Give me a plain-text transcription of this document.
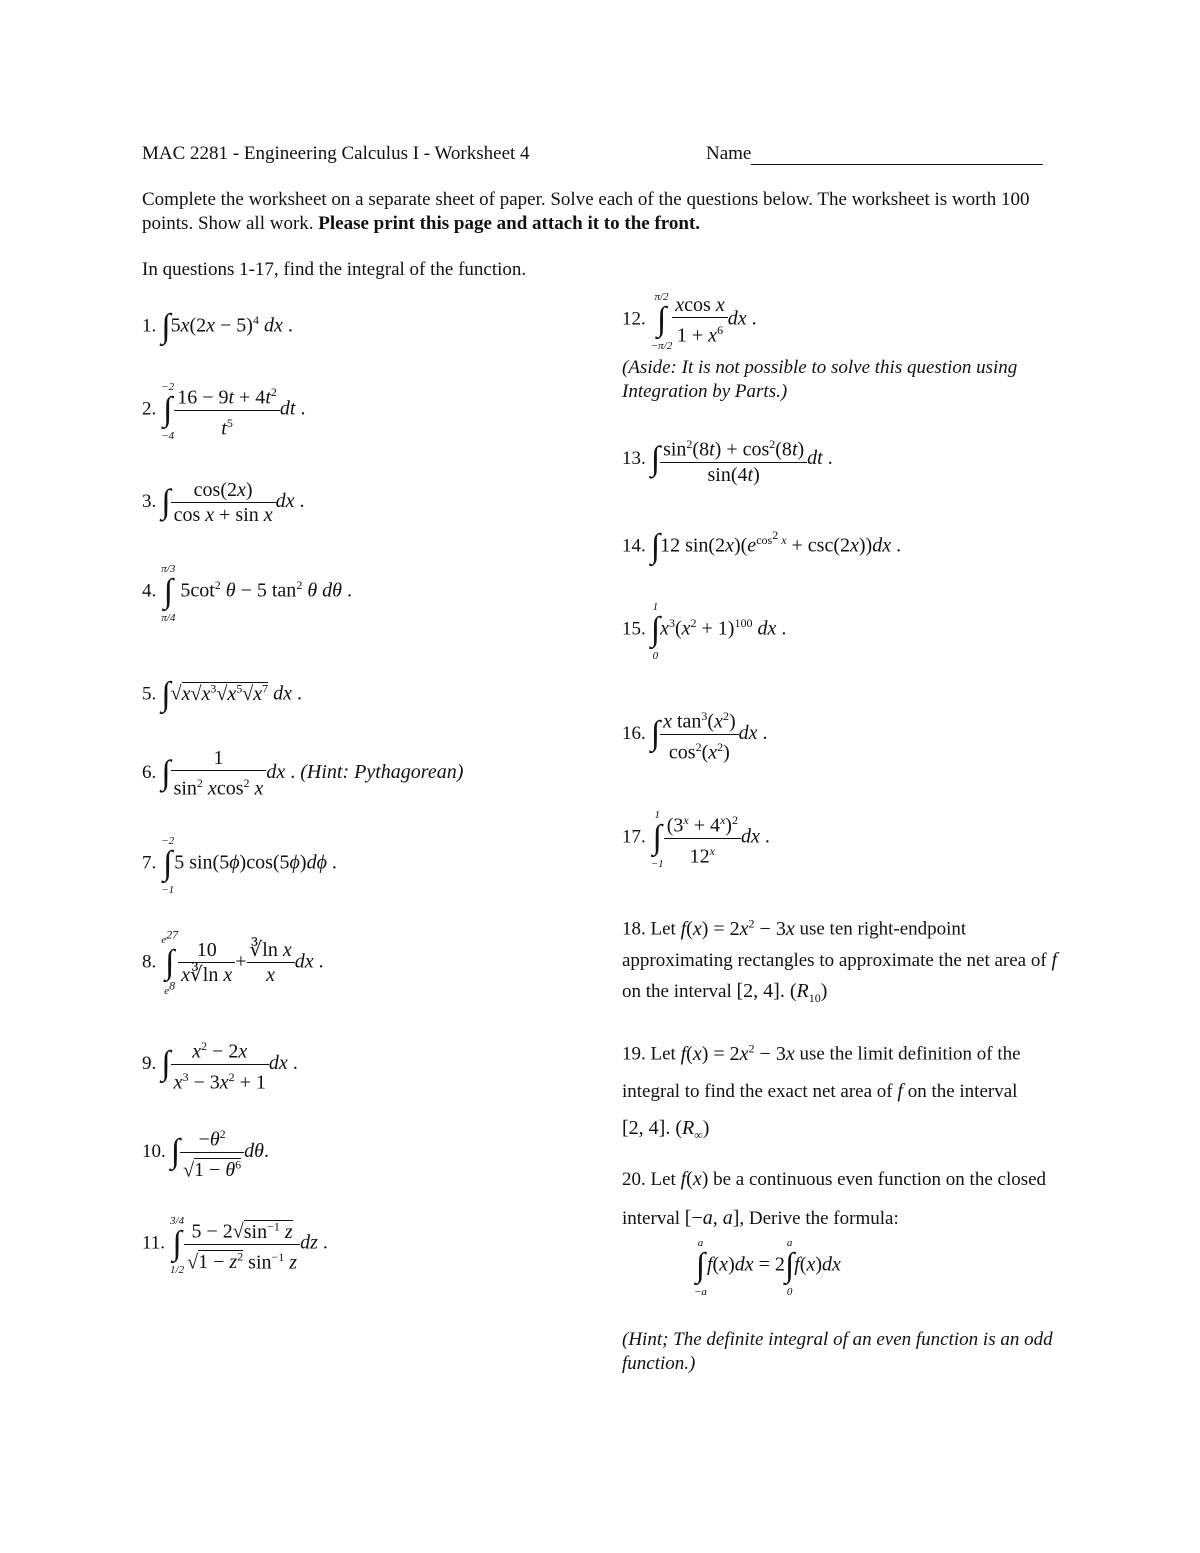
MAC 2281 - Engineering Calculus I - Worksheet 4	Name
Complete the worksheet on a separate sheet of paper. Solve each of the questions below. The worksheet is worth 100 points. Show all work. Please print this page and attach it to the front.
In questions 1-17, find the integral of the function.
1. $\int 5x(2x - 5)^4$ dx .
2. −2
∫
$-4 \frac{16 - 9t + 4t^2}{t^5}$ dt .
3. ∫ $\frac{\cos(2x)}{\text{cos x + sin x}}$ dx .
4. π/3
∫
π/4 $5\cot^2$ θ − 5 $\tan^2 \theta$ dθ .
5. $\int√x√x^3√x^5√x^7$ dx .
6. ∫ $\frac{1}{\sin^2 xcos^2 x}$ dx . (Hint: Pythagorean)
7. −2
∫
−15 sin(5ϕ)cos(5ϕ)dϕ .
8. $e^{27}$
∫
$e^8 \frac{10}{\text{x∛ln x}} + \frac{\text{∛ln x}}{x}$ dx .
9. ∫ $\frac{x^2 - 2x}{x^3 - 3x^2 + 1}$ dx .
10. ∫ $\frac{-\theta^2}{√1 - \theta^6} d\theta$.
11. 3/4
∫
$1/2 \frac{5 - 2√\sin^{-1} z}{√1 - z^2 \sin^{-1} z}$ dz .
12. π/2
∫
$-\pi/2 \frac{\text{xcos x}}{1 + x^6}$ dx .
(Aside: It is not possible to solve this question using Integration by Parts.)
13. ∫ $\frac{\sin^2(8t) + \cos^2(8t)}{\sin(4t)}$ dt .
14. ∫12 $\sin(2x)(e^{cos^2 x} + \csc(2x))dx$ .
15. 1
∫
$0x^3(x^2 + 1)^{100}$ dx .
16. ∫ $\frac{x \tan^3(x^2)}{\cos^2(x^2)}$ dx .
17. 1
∫
$-1 \frac{(3^x + 4^x)^2}{12^x}$ dx .
18. Let $f(x) = 2x^2 - 3x$ use ten right-endpoint approximating rectangles to approximate the net area of f on the interval [2, 4]. $(R_{10})$
19. Let $f(x) = 2x^2 - 3x$ use the limit definition of the integral to find the exact net area of f on the interval [2, 4]. $(R_\infty)$
20. Let f(x) be a continuous even function on the closed interval [−a, a], Derive the formula:
a
∫
−af(x)dx = 2a
∫
0f(x)dx
(Hint; The definite integral of an even function is an odd function.)
